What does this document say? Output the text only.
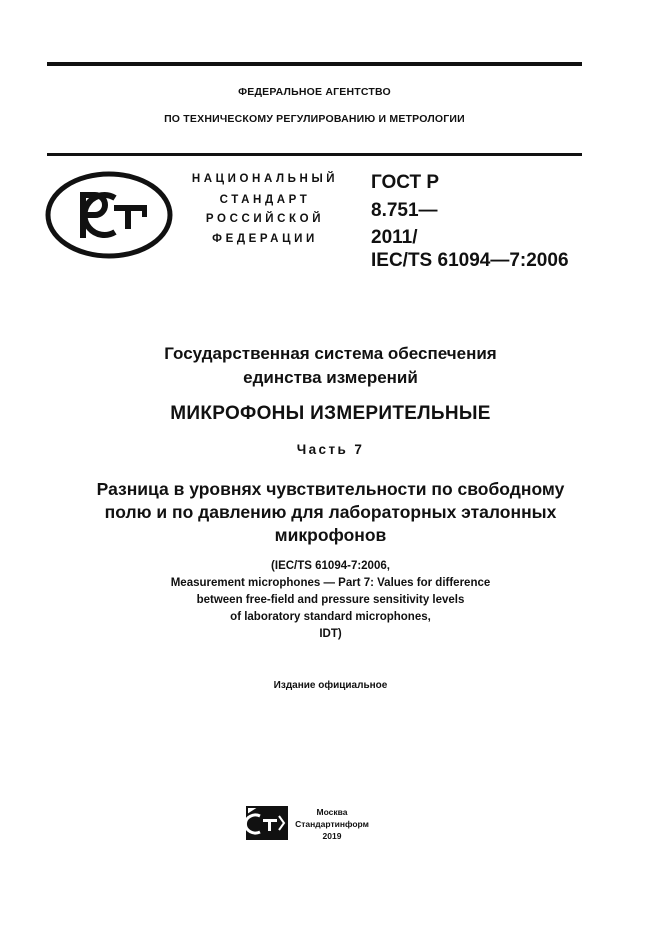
ФЕДЕРАЛЬНОЕ АГЕНТСТВО
ПО ТЕХНИЧЕСКОМУ РЕГУЛИРОВАНИЮ И МЕТРОЛОГИИ
НАЦИОНАЛЬНЫЙ
СТАНДАРТ
РОССИЙСКОЙ
ФЕДЕРАЦИИ
ГОСТ Р
8.751—
2011/
IEC/TS 61094—7:2006
Государственная система обеспечения
единства измерений
МИКРОФОНЫ ИЗМЕРИТЕЛЬНЫЕ
Часть 7
Разница в уровнях чувствительности по свободному
полю и по давлению для лабораторных эталонных
микрофонов
(IEC/TS 61094-7:2006,
Measurement microphones — Part 7: Values for difference
between free-field and pressure sensitivity levels
of laboratory standard microphones,
IDT)
Издание официальное
Москва
Стандартинформ
2019
